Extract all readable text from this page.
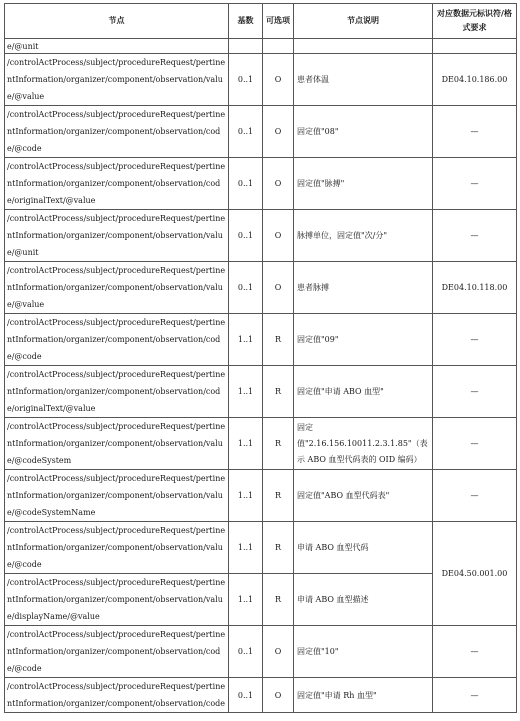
节点	基数	可选项	节点说明	对应数据元标识符/格式要求
e/@unit				
/controlActProcess/subject/procedureRequest/pertinentInformation/organizer/component/observation/value/@value	0..1	O	患者体温	DE04.10.186.00
/controlActProcess/subject/procedureRequest/pertinentInformation/organizer/component/observation/code/@code	0..1	O	固定值"08"	—
/controlActProcess/subject/procedureRequest/pertinentInformation/organizer/component/observation/code/originalText/@value	0..1	O	固定值"脉搏"	—
/controlActProcess/subject/procedureRequest/pertinentInformation/organizer/component/observation/value/@unit	0..1	O	脉搏单位，固定值"次/分"	—
/controlActProcess/subject/procedureRequest/pertinentInformation/organizer/component/observation/value/@value	0..1	O	患者脉搏	DE04.10.118.00
/controlActProcess/subject/procedureRequest/pertinentInformation/organizer/component/observation/code/@code	1..1	R	固定值"09"	—
/controlActProcess/subject/procedureRequest/pertinentInformation/organizer/component/observation/code/originalText/@value	1..1	R	固定值"申请 ABO 血型"	—
/controlActProcess/subject/procedureRequest/pertinentInformation/organizer/component/observation/value/@codeSystem	1..1	R	固定值"2.16.156.10011.2.3.1.85"（表示 ABO 血型代码表的 OID 编码）	—
/controlActProcess/subject/procedureRequest/pertinentInformation/organizer/component/observation/value/@codeSystemName	1..1	R	固定值"ABO 血型代码表"	—
/controlActProcess/subject/procedureRequest/pertinentInformation/organizer/component/observation/value/@code	1..1	R	申请 ABO 血型代码	DE04.50.001.00
/controlActProcess/subject/procedureRequest/pertinentInformation/organizer/component/observation/value/displayName/@value	1..1	R	申请 ABO 血型描述	
/controlActProcess/subject/procedureRequest/pertinentInformation/organizer/component/observation/code/@code	0..1	O	固定值"10"	—
/controlActProcess/subject/procedureRequest/pertinentInformation/organizer/component/observation/code	0..1	O	固定值"申请 Rh 血型"	—
